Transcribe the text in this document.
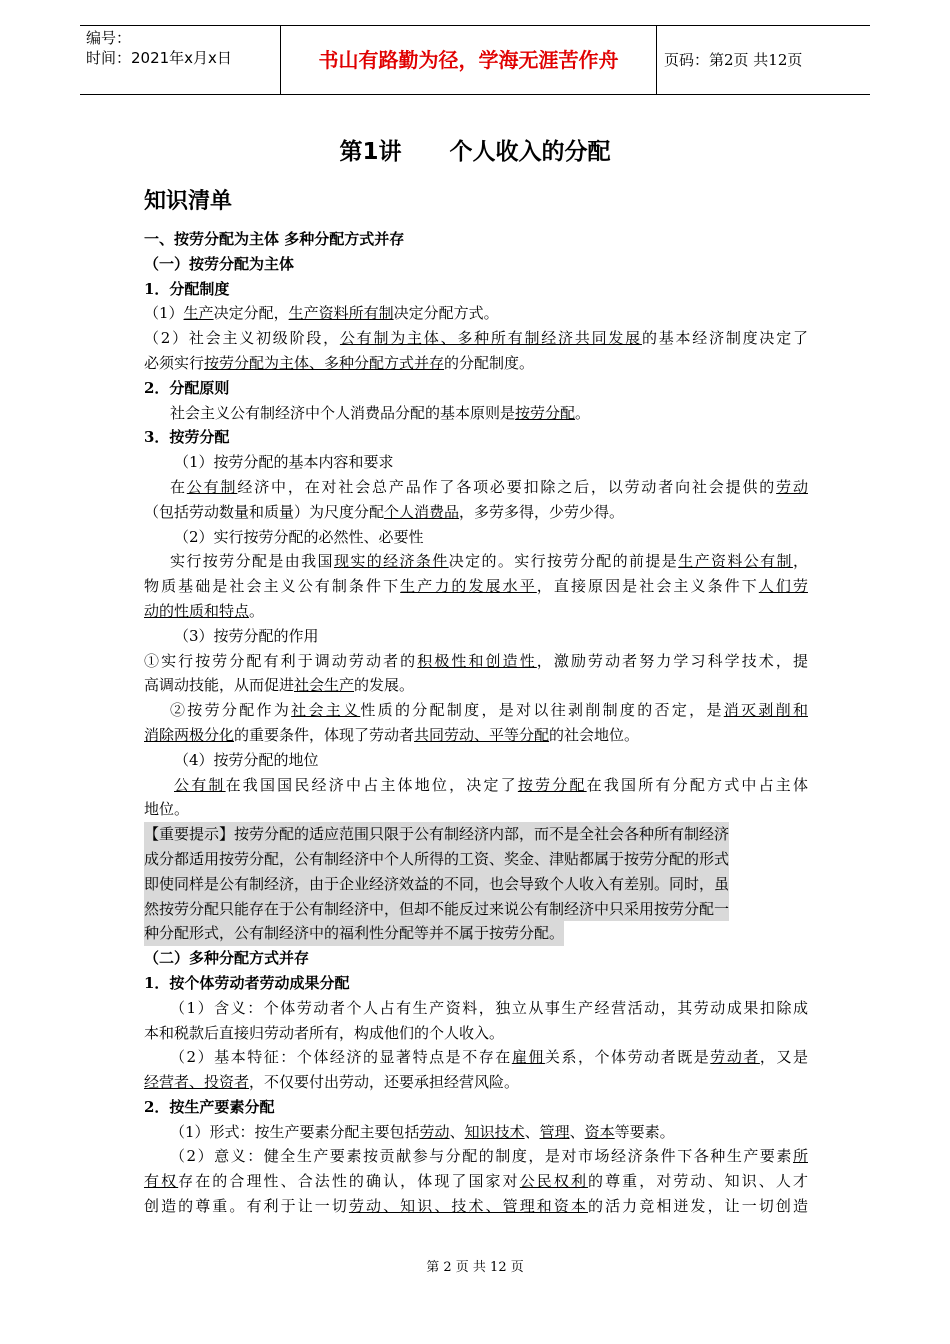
编号：
时间：2021年x月x日	书山有路勤为径，学海无涯苦作舟	页码：第2页 共12页
第1讲      个人收入的分配
知识清单
一、按劳分配为主体 多种分配方式并存
（一）按劳分配为主体
1．分配制度
（1）生产决定分配，生产资料所有制决定分配方式。
（2）社会主义初级阶段，公有制为主体、多种所有制经济共同发展的基本经济制度决定了
必须实行按劳分配为主体、多种分配方式并存的分配制度。
2．分配原则
社会主义公有制经济中个人消费品分配的基本原则是按劳分配。
3．按劳分配
（1）按劳分配的基本内容和要求
在公有制经济中，在对社会总产品作了各项必要扣除之后，以劳动者向社会提供的劳动
（包括劳动数量和质量）为尺度分配个人消费品，多劳多得，少劳少得。
（2）实行按劳分配的必然性、必要性
实行按劳分配是由我国现实的经济条件决定的。实行按劳分配的前提是生产资料公有制，
物质基础是社会主义公有制条件下生产力的发展水平，直接原因是社会主义条件下人们劳
动的性质和特点。
（3）按劳分配的作用
①实行按劳分配有利于调动劳动者的积极性和创造性，激励劳动者努力学习科学技术，提
高调动技能，从而促进社会生产的发展。
②按劳分配作为社会主义性质的分配制度，是对以往剥削制度的否定，是消灭剥削和
消除两极分化的重要条件，体现了劳动者共同劳动、平等分配的社会地位。
（4）按劳分配的地位
公有制在我国国民经济中占主体地位，决定了按劳分配在我国所有分配方式中占主体
地位。
【重要提示】按劳分配的适应范围只限于公有制经济内部，而不是全社会各种所有制经济
成分都适用按劳分配，公有制经济中个人所得的工资、奖金、津贴都属于按劳分配的形式
即使同样是公有制经济，由于企业经济效益的不同，也会导致个人收入有差别。同时，虽
然按劳分配只能存在于公有制经济中，但却不能反过来说公有制经济中只采用按劳分配一
种分配形式，公有制经济中的福利性分配等并不属于按劳分配。
（二）多种分配方式并存
1．按个体劳动者劳动成果分配
（1）含义：个体劳动者个人占有生产资料，独立从事生产经营活动，其劳动成果扣除成
本和税款后直接归劳动者所有，构成他们的个人收入。
（2）基本特征：个体经济的显著特点是不存在雇佣关系，个体劳动者既是劳动者，又是
经营者、投资者，不仅要付出劳动，还要承担经营风险。
2．按生产要素分配
（1）形式：按生产要素分配主要包括劳动、知识技术、管理、资本等要素。
（2）意义：健全生产要素按贡献参与分配的制度，是对市场经济条件下各种生产要素所
有权存在的合理性、合法性的确认，体现了国家对公民权利的尊重，对劳动、知识、人才
创造的尊重。有利于让一切劳动、知识、技术、管理和资本的活力竞相迸发，让一切创造
第 2 页 共 12 页
